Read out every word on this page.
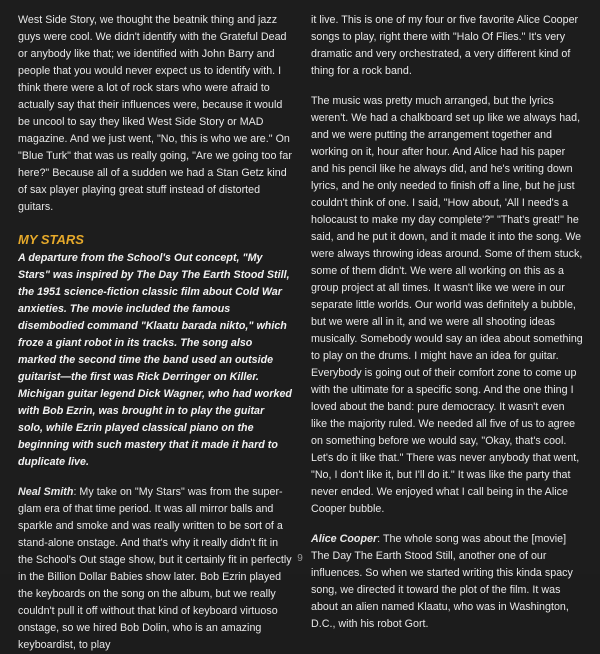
West Side Story, we thought the beatnik thing and jazz guys were cool. We didn't identify with the Grateful Dead or anybody like that; we identified with John Barry and people that you would never expect us to identify with. I think there were a lot of rock stars who were afraid to actually say that their influences were, because it would be uncool to say they liked West Side Story or MAD magazine. And we just went, "No, this is who we are." On "Blue Turk" that was us really going, "Are we going too far here?" Because all of a sudden we had a Stan Getz kind of sax player playing great stuff instead of distorted guitars.

MY STARS

A departure from the School's Out concept, "My Stars" was inspired by The Day The Earth Stood Still, the 1951 science-fiction classic film about Cold War anxieties. The movie included the famous disembodied command "Klaatu barada nikto," which froze a giant robot in its tracks. The song also marked the second time the band used an outside guitarist—the first was Rick Derringer on Killer. Michigan guitar legend Dick Wagner, who had worked with Bob Ezrin, was brought in to play the guitar solo, while Ezrin played classical piano on the beginning with such mastery that it made it hard to duplicate live.

Neal Smith: My take on "My Stars" was from the super-glam era of that time period. It was all mirror balls and sparkle and smoke and was really written to be sort of a stand-alone onstage. And that's why it really didn't fit in the School's Out stage show, but it certainly fit in perfectly in the Billion Dollar Babies show later. Bob Ezrin played the keyboards on the song on the album, but we really couldn't pull it off without that kind of keyboard virtuoso onstage, so we hired Bob Dolin, who is an amazing keyboardist, to play

it live. This is one of my four or five favorite Alice Cooper songs to play, right there with "Halo Of Flies." It's very dramatic and very orchestrated, a very different kind of thing for a rock band.

The music was pretty much arranged, but the lyrics weren't. We had a chalkboard set up like we always had, and we were putting the arrangement together and working on it, hour after hour. And Alice had his paper and his pencil like he always did, and he's writing down lyrics, and he only needed to finish off a line, but he just couldn't think of one. I said, "How about, 'All I need's a holocaust to make my day complete'?" "That's great!" he said, and he put it down, and it made it into the song. We were always throwing ideas around. Some of them stuck, some of them didn't. We were all working on this as a group project at all times. It wasn't like we were in our separate little worlds. Our world was definitely a bubble, but we were all in it, and we were all shooting ideas musically. Somebody would say an idea about something to play on the drums. I might have an idea for guitar. Everybody is going out of their comfort zone to come up with the ultimate for a specific song. And the one thing I loved about the band: pure democracy. It wasn't even like the majority ruled. We needed all five of us to agree on something before we would say, "Okay, that's cool. Let's do it like that." There was never anybody that went, "No, I don't like it, but I'll do it." It was like the party that never ended. We enjoyed what I call being in the Alice Cooper bubble.

Alice Cooper: The whole song was about the [movie] The Day The Earth Stood Still, another one of our influences. So when we started writing this kinda spacy song, we directed it toward the plot of the film. It was about an alien named Klaatu, who was in Washington, D.C., with his robot Gort.

9
